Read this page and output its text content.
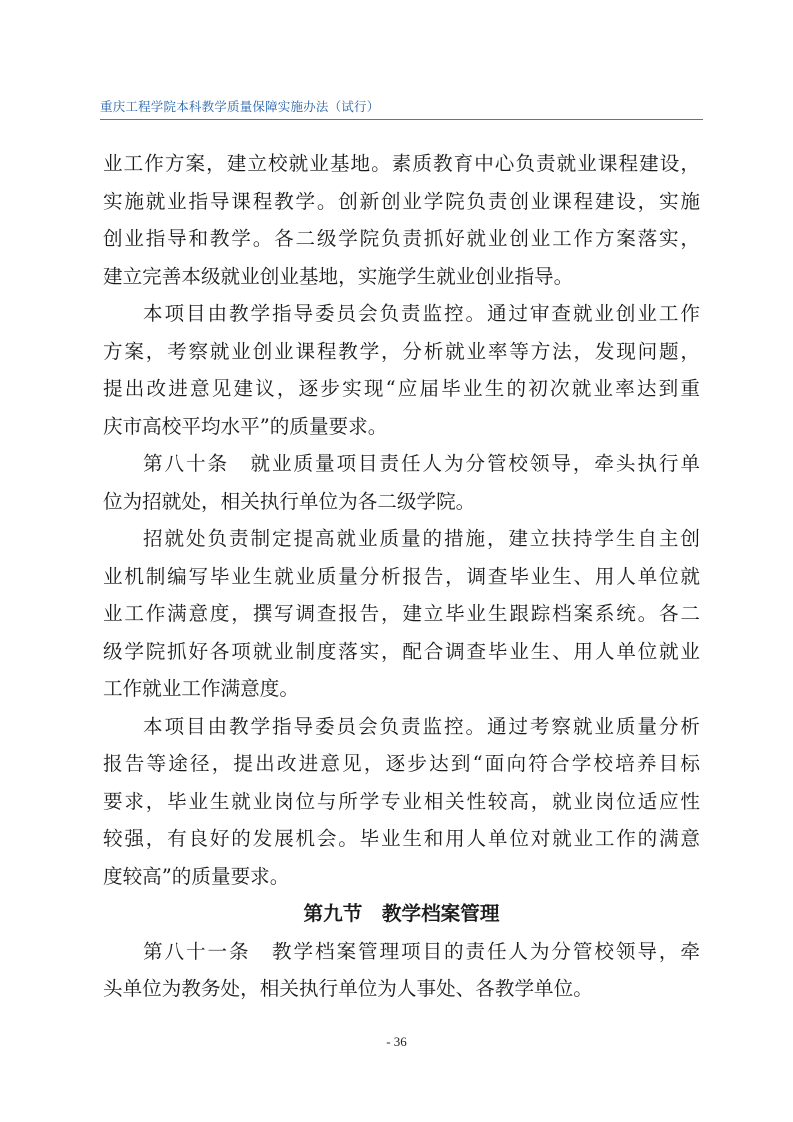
重庆工程学院本科教学质量保障实施办法（试行）
业工作方案，建立校就业基地。素质教育中心负责就业课程建设，
实施就业指导课程教学。创新创业学院负责创业课程建设，实施
创业指导和教学。各二级学院负责抓好就业创业工作方案落实，
建立完善本级就业创业基地，实施学生就业创业指导。
本项目由教学指导委员会负责监控。通过审查就业创业工作
方案，考察就业创业课程教学，分析就业率等方法，发现问题，
提出改进意见建议，逐步实现“应届毕业生的初次就业率达到重
庆市高校平均水平”的质量要求。
第八十条　就业质量项目责任人为分管校领导，牵头执行单
位为招就处，相关执行单位为各二级学院。
招就处负责制定提高就业质量的措施，建立扶持学生自主创
业机制编写毕业生就业质量分析报告，调查毕业生、用人单位就
业工作满意度，撰写调查报告，建立毕业生跟踪档案系统。各二
级学院抓好各项就业制度落实，配合调查毕业生、用人单位就业
工作就业工作满意度。
本项目由教学指导委员会负责监控。通过考察就业质量分析
报告等途径，提出改进意见，逐步达到“面向符合学校培养目标
要求，毕业生就业岗位与所学专业相关性较高，就业岗位适应性
较强，有良好的发展机会。毕业生和用人单位对就业工作的满意
度较高”的质量要求。
第九节　教学档案管理
第八十一条　教学档案管理项目的责任人为分管校领导，牵
头单位为教务处，相关执行单位为人事处、各教学单位。
- 36
